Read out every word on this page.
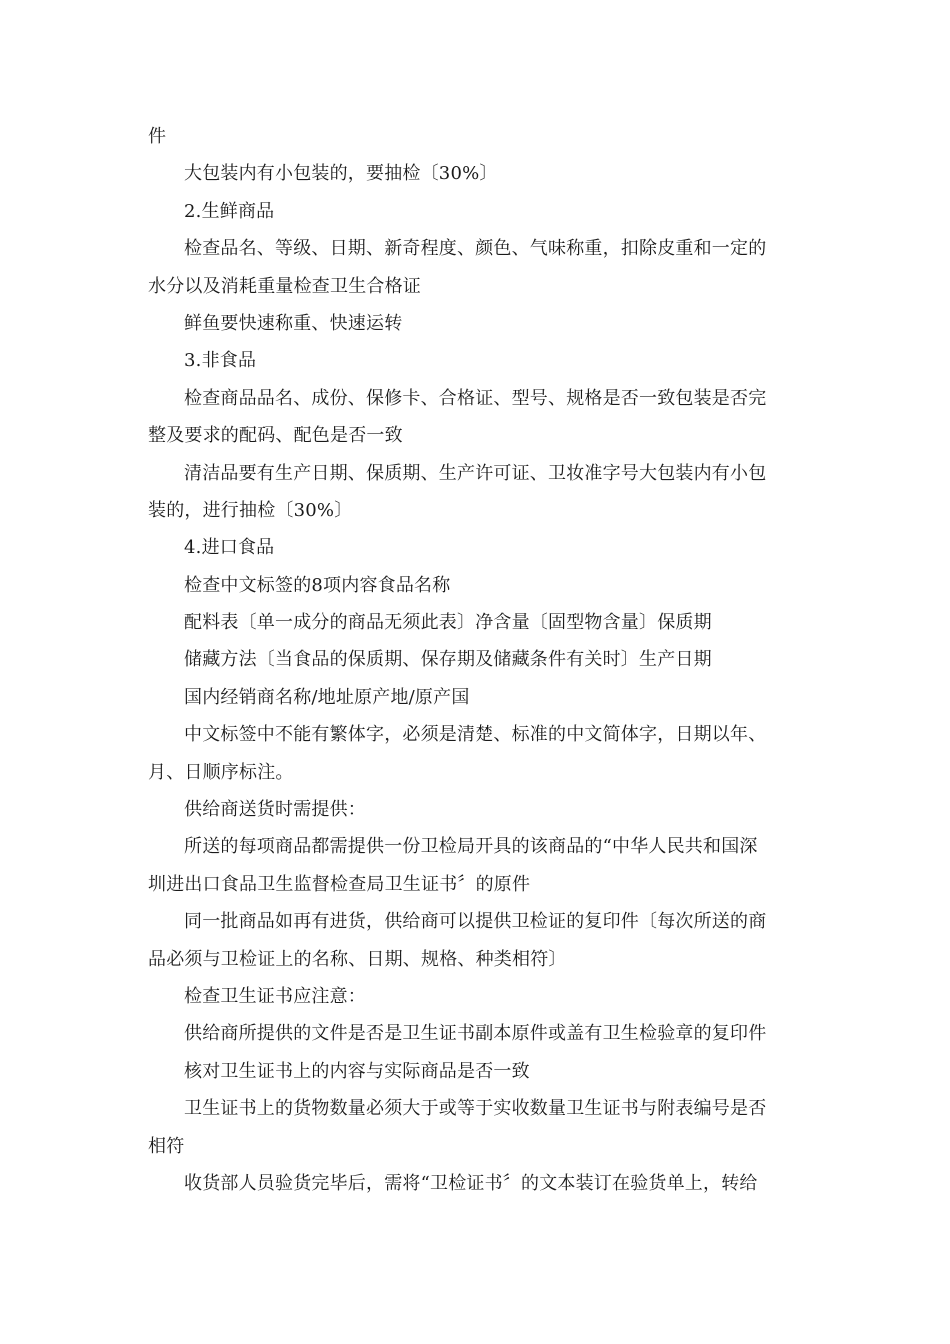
件
大包装内有小包装的，要抽检〔30%〕
2.生鲜商品
检查品名、等级、日期、新奇程度、颜色、气味称重，扣除皮重和一定的
水分以及消耗重量检查卫生合格证
鲜鱼要快速称重、快速运转
3.非食品
检查商品品名、成份、保修卡、合格证、型号、规格是否一致包装是否完
整及要求的配码、配色是否一致
清洁品要有生产日期、保质期、生产许可证、卫妆准字号大包装内有小包
装的，进行抽检〔30%〕
4.进口食品
检查中文标签的8项内容食品名称
配料表〔单一成分的商品无须此表〕净含量〔固型物含量〕保质期
储藏方法〔当食品的保质期、保存期及储藏条件有关时〕生产日期
国内经销商名称/地址原产地/原产国
中文标签中不能有繁体字，必须是清楚、标准的中文简体字，日期以年、
月、日顺序标注。
供给商送货时需提供：
所送的每项商品都需提供一份卫检局开具的该商品的“中华人民共和国深
圳进出口食品卫生监督检查局卫生证书〞的原件
同一批商品如再有进货，供给商可以提供卫检证的复印件〔每次所送的商
品必须与卫检证上的名称、日期、规格、种类相符〕
检查卫生证书应注意：
供给商所提供的文件是否是卫生证书副本原件或盖有卫生检验章的复印件
核对卫生证书上的内容与实际商品是否一致
卫生证书上的货物数量必须大于或等于实收数量卫生证书与附表编号是否
相符
收货部人员验货完毕后，需将“卫检证书〞的文本装订在验货单上，转给
